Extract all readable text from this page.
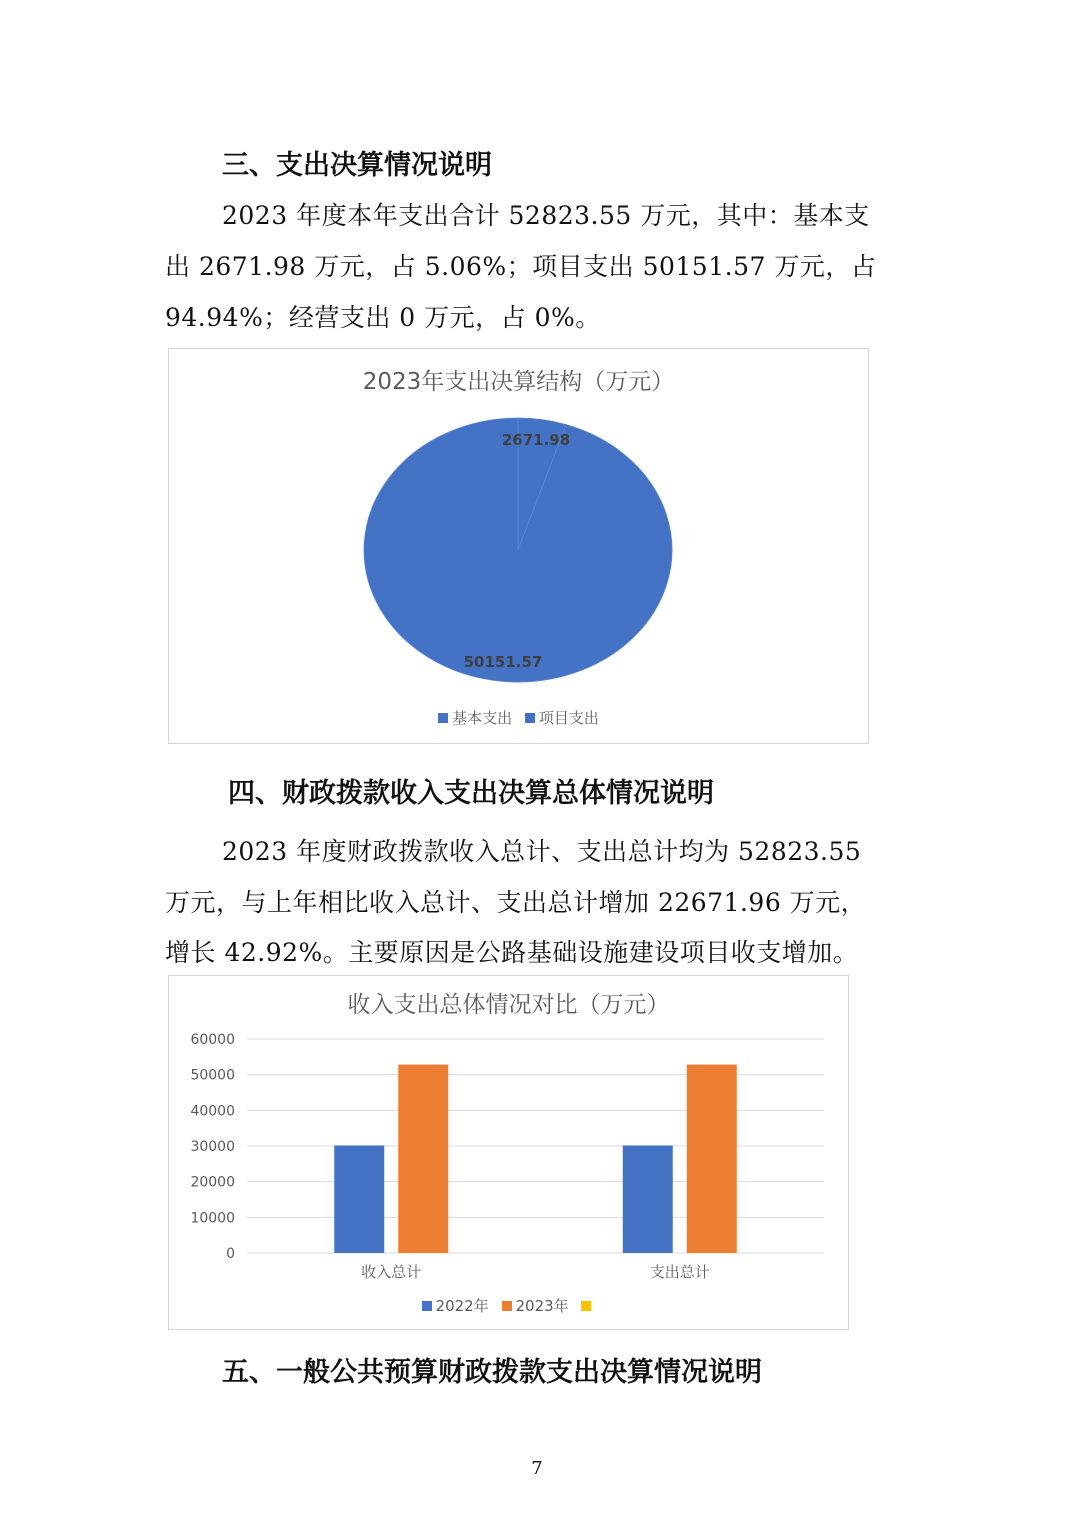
三、支出决算情况说明
2023 年度本年支出合计 52823.55 万元，其中：基本支
出 2671.98 万元，占 5.06%；项目支出 50151.57 万元，占
94.94%；经营支出 0 万元，占 0%。
2023年支出决算结构（万元）
2671.98
50151.57
基本支出 项目支出
四、财政拨款收入支出决算总体情况说明
2023 年度财政拨款收入总计、支出总计均为 52823.55
万元，与上年相比收入总计、支出总计增加 22671.96 万元，
增长 42.92%。主要原因是公路基础设施建设项目收支增加。
收入支出总体情况对比（万元）
0
10000
20000
30000
40000
50000
60000
收入总计	支出总计
2022年 2023年
五、一般公共预算财政拨款支出决算情况说明
7
